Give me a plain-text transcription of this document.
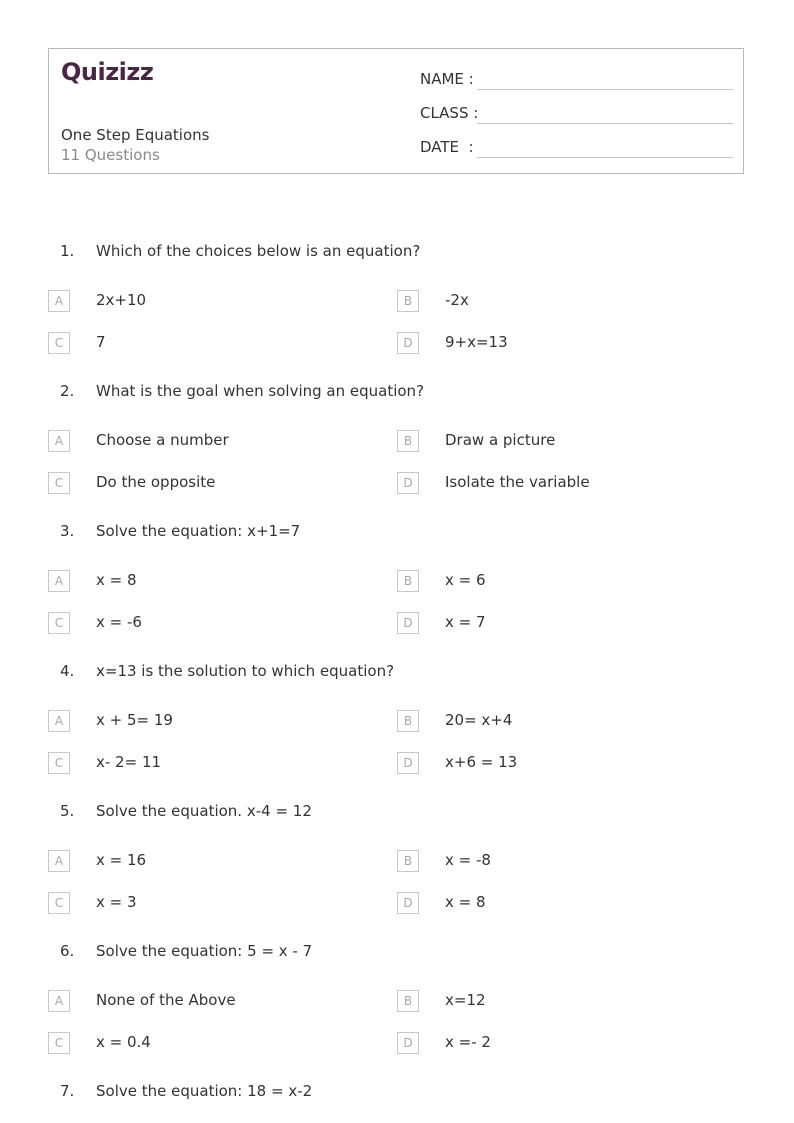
Quizizz
One Step Equations
11 Questions
NAME :
CLASS :
DATE  :
1. Which of the choices below is an equation?
A	2x+10	B	-2x
C	7	D	9+x=13
2. What is the goal when solving an equation?
A	Choose a number	B	Draw a picture
C	Do the opposite	D	Isolate the variable
3. Solve the equation: x+1=7
A	x = 8	B	x = 6
C	x = -6	D	x = 7
4. x=13 is the solution to which equation?
A	x + 5= 19	B	20= x+4
C	x- 2= 11	D	x+6 = 13
5. Solve the equation. x-4 = 12
A	x = 16	B	x = -8
C	x = 3	D	x = 8
6. Solve the equation: 5 = x - 7
A	None of the Above	B	x=12
C	x = 0.4	D	x =- 2
7. Solve the equation: 18 = x-2
